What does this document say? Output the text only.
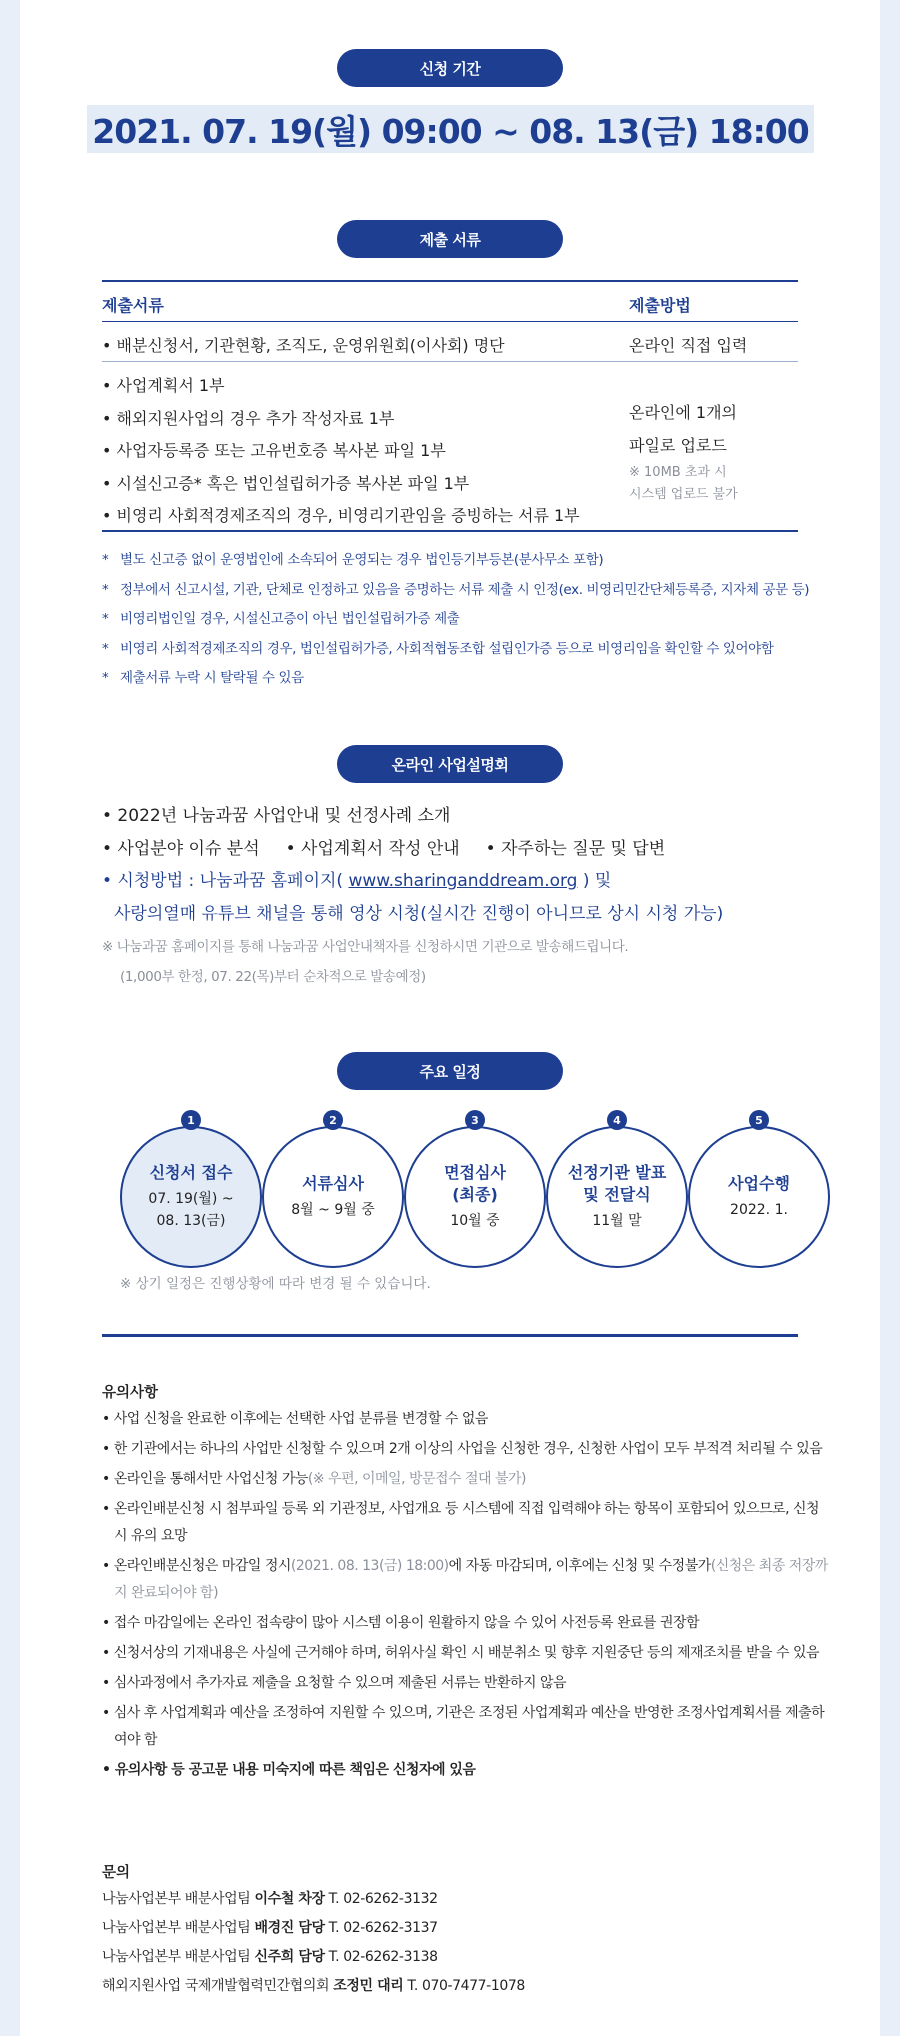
신청 기간
2021. 07. 19(월) 09:00 ~ 08. 13(금) 18:00
제출 서류
제출서류	제출방법
• 배분신청서, 기관현황, 조직도, 운영위원회(이사회) 명단	온라인 직접 입력
• 사업계획서 1부
• 해외지원사업의 경우 추가 작성자료 1부
• 사업자등록증 또는 고유번호증 복사본 파일 1부
• 시설신고증* 혹은 법인설립허가증 복사본 파일 1부
• 비영리 사회적경제조직의 경우, 비영리기관임을 증빙하는 서류 1부
온라인에 1개의
파일로 업로드
※ 10MB 초과 시
시스템 업로드 불가
* 별도 신고증 없이 운영법인에 소속되어 운영되는 경우 법인등기부등본(분사무소 포함)
* 정부에서 신고시설, 기관, 단체로 인정하고 있음을 증명하는 서류 제출 시 인정(ex. 비영리민간단체등록증, 지자체 공문 등)
* 비영리법인일 경우, 시설신고증이 아닌 법인설립허가증 제출
* 비영리 사회적경제조직의 경우, 법인설립허가증, 사회적협동조합 설립인가증 등으로 비영리임을 확인할 수 있어야함
* 제출서류 누락 시 탈락될 수 있음
온라인 사업설명회
• 2022년 나눔과꿈 사업안내 및 선정사례 소개
• 사업분야 이슈 분석 • 사업계획서 작성 안내 • 자주하는 질문 및 답변
• 시청방법 : 나눔과꿈 홈페이지( www.sharinganddream.org ) 및
사랑의열매 유튜브 채널을 통해 영상 시청(실시간 진행이 아니므로 상시 시청 가능)
※ 나눔과꿈 홈페이지를 통해 나눔과꿈 사업안내책자를 신청하시면 기관으로 발송해드립니다.
(1,000부 한정, 07. 22(목)부터 순차적으로 발송예정)
주요 일정
신청서 접수
07. 19(월) ~
08. 13(금)
1
서류심사
8월 ~ 9월 중
2
면접심사
(최종)
10월 중
3
선정기관 발표
및 전달식
11월 말
4
사업수행
2022. 1.
5
※ 상기 일정은 진행상황에 따라 변경 될 수 있습니다.
유의사항
• 사업 신청을 완료한 이후에는 선택한 사업 분류를 변경할 수 없음
• 한 기관에서는 하나의 사업만 신청할 수 있으며 2개 이상의 사업을 신청한 경우, 신청한 사업이 모두 부적격 처리될 수 있음
• 온라인을 통해서만 사업신청 가능(※ 우편, 이메일, 방문접수 절대 불가)
• 온라인배분신청 시 첨부파일 등록 외 기관정보, 사업개요 등 시스템에 직접 입력해야 하는 항목이 포함되어 있으므로, 신청 시 유의 요망
• 온라인배분신청은 마감일 정시(2021. 08. 13(금) 18:00)에 자동 마감되며, 이후에는 신청 및 수정불가(신청은 최종 저장까지 완료되어야 함)
• 접수 마감일에는 온라인 접속량이 많아 시스템 이용이 원활하지 않을 수 있어 사전등록 완료를 권장함
• 신청서상의 기재내용은 사실에 근거해야 하며, 허위사실 확인 시 배분취소 및 향후 지원중단 등의 제재조치를 받을 수 있음
• 심사과정에서 추가자료 제출을 요청할 수 있으며 제출된 서류는 반환하지 않음
• 심사 후 사업계획과 예산을 조정하여 지원할 수 있으며, 기관은 조정된 사업계획과 예산을 반영한 조정사업계획서를 제출하여야 함
• 유의사항 등 공고문 내용 미숙지에 따른 책임은 신청자에 있음
문의
나눔사업본부 배분사업팀 이수철 차장 T. 02-6262-3132
나눔사업본부 배분사업팀 배경진 담당 T. 02-6262-3137
나눔사업본부 배분사업팀 신주희 담당 T. 02-6262-3138
해외지원사업 국제개발협력민간협의회 조정민 대리 T. 070-7477-1078
